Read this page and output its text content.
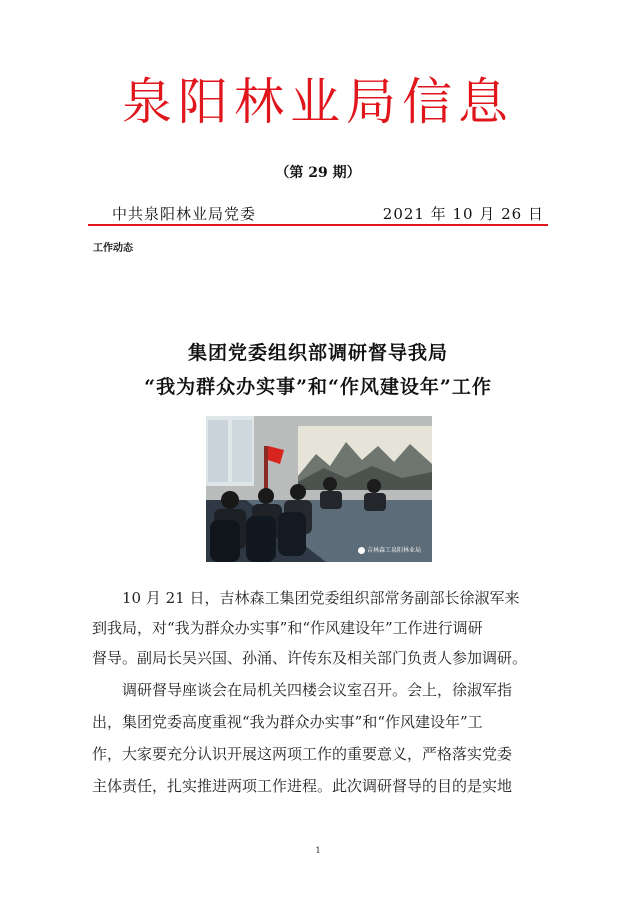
泉阳林业局信息
（第 29 期）
中共泉阳林业局党委	2021 年 10 月 26 日
工作动态
集团党委组织部调研督导我局
“我为群众办实事”和“作风建设年”工作
吉林森工泉阳林业局
　　10 月 21 日，吉林森工集团党委组织部常务副部长徐淑军来
到我局，对“我为群众办实事”和“作风建设年”工作进行调研
督导。副局长吴兴国、孙涌、许传东及相关部门负责人参加调研。
　　调研督导座谈会在局机关四楼会议室召开。会上，徐淑军指
出，集团党委高度重视“我为群众办实事”和“作风建设年”工
作，大家要充分认识开展这两项工作的重要意义，严格落实党委
主体责任，扎实推进两项工作进程。此次调研督导的目的是实地
1
